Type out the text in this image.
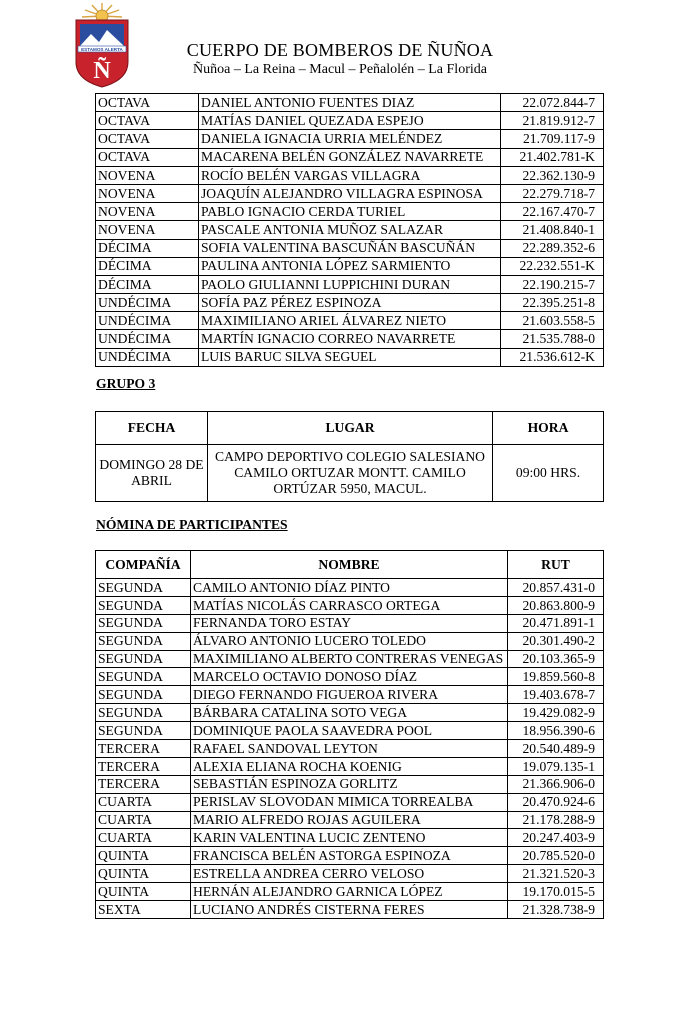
ESTAMOS ALERTA
Ñ
CUERPO DE BOMBEROS DE ÑUÑOA
Ñuñoa – La Reina – Macul – Peñalolén – La Florida
OCTAVA	DANIEL ANTONIO FUENTES DIAZ	22.072.844-7
OCTAVA	MATÍAS DANIEL QUEZADA ESPEJO	21.819.912-7
OCTAVA	DANIELA IGNACIA URRIA MELÉNDEZ	21.709.117-9
OCTAVA	MACARENA BELÉN GONZÁLEZ NAVARRETE	21.402.781-K
NOVENA	ROCÍO BELÉN VARGAS VILLAGRA	22.362.130-9
NOVENA	JOAQUÍN ALEJANDRO VILLAGRA ESPINOSA	22.279.718-7
NOVENA	PABLO IGNACIO CERDA TURIEL	22.167.470-7
NOVENA	PASCALE ANTONIA MUÑOZ SALAZAR	21.408.840-1
DÉCIMA	SOFIA VALENTINA BASCUÑÁN BASCUÑÁN	22.289.352-6
DÉCIMA	PAULINA ANTONIA LÓPEZ SARMIENTO	22.232.551-K
DÉCIMA	PAOLO GIULIANNI LUPPICHINI DURAN	22.190.215-7
UNDÉCIMA	SOFÍA PAZ PÉREZ ESPINOZA	22.395.251-8
UNDÉCIMA	MAXIMILIANO ARIEL ÁLVAREZ NIETO	21.603.558-5
UNDÉCIMA	MARTÍN IGNACIO CORREO NAVARRETE	21.535.788-0
UNDÉCIMA	LUIS BARUC SILVA SEGUEL	21.536.612-K
GRUPO 3
FECHA	LUGAR	HORA
DOMINGO 28 DE ABRIL	CAMPO DEPORTIVO COLEGIO SALESIANO CAMILO ORTUZAR MONTT. CAMILO ORTÚZAR 5950, MACUL.	09:00 HRS.
NÓMINA DE PARTICIPANTES
COMPAÑÍA	NOMBRE	RUT
SEGUNDA	CAMILO ANTONIO DÍAZ PINTO	20.857.431-0
SEGUNDA	MATÍAS NICOLÁS CARRASCO ORTEGA	20.863.800-9
SEGUNDA	FERNANDA TORO ESTAY	20.471.891-1
SEGUNDA	ÁLVARO ANTONIO LUCERO TOLEDO	20.301.490-2
SEGUNDA	MAXIMILIANO ALBERTO CONTRERAS VENEGAS	20.103.365-9
SEGUNDA	MARCELO OCTAVIO DONOSO DÍAZ	19.859.560-8
SEGUNDA	DIEGO FERNANDO FIGUEROA RIVERA	19.403.678-7
SEGUNDA	BÁRBARA CATALINA SOTO VEGA	19.429.082-9
SEGUNDA	DOMINIQUE PAOLA SAAVEDRA POOL	18.956.390-6
TERCERA	RAFAEL SANDOVAL LEYTON	20.540.489-9
TERCERA	ALEXIA ELIANA ROCHA KOENIG	19.079.135-1
TERCERA	SEBASTIÁN ESPINOZA GORLITZ	21.366.906-0
CUARTA	PERISLAV SLOVODAN MIMICA TORREALBA	20.470.924-6
CUARTA	MARIO ALFREDO ROJAS AGUILERA	21.178.288-9
CUARTA	KARIN VALENTINA LUCIC ZENTENO	20.247.403-9
QUINTA	FRANCISCA BELÉN ASTORGA ESPINOZA	20.785.520-0
QUINTA	ESTRELLA ANDREA CERRO VELOSO	21.321.520-3
QUINTA	HERNÁN ALEJANDRO GARNICA LÓPEZ	19.170.015-5
SEXTA	LUCIANO ANDRÉS CISTERNA FERES	21.328.738-9
